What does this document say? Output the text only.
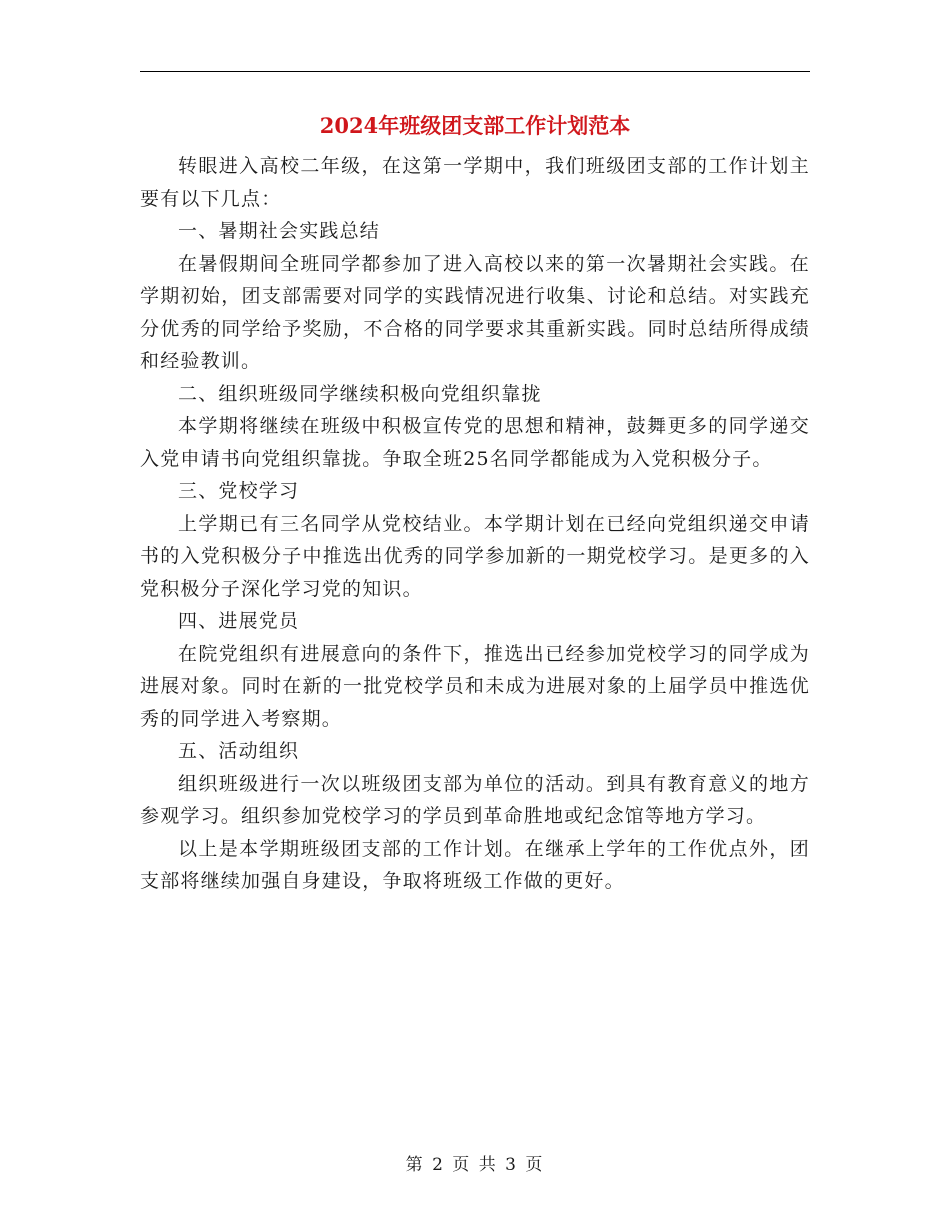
2024年班级团支部工作计划范本

转眼进入高校二年级，在这第一学期中，我们班级团支部的工作计划主要有以下几点：

一、暑期社会实践总结

在暑假期间全班同学都参加了进入高校以来的第一次暑期社会实践。在学期初始，团支部需要对同学的实践情况进行收集、讨论和总结。对实践充分优秀的同学给予奖励，不合格的同学要求其重新实践。同时总结所得成绩和经验教训。

二、组织班级同学继续积极向党组织靠拢

本学期将继续在班级中积极宣传党的思想和精神，鼓舞更多的同学递交入党申请书向党组织靠拢。争取全班25名同学都能成为入党积极分子。

三、党校学习

上学期已有三名同学从党校结业。本学期计划在已经向党组织递交申请书的入党积极分子中推选出优秀的同学参加新的一期党校学习。是更多的入党积极分子深化学习党的知识。

四、进展党员

在院党组织有进展意向的条件下，推选出已经参加党校学习的同学成为进展对象。同时在新的一批党校学员和未成为进展对象的上届学员中推选优秀的同学进入考察期。

五、活动组织

组织班级进行一次以班级团支部为单位的活动。到具有教育意义的地方参观学习。组织参加党校学习的学员到革命胜地或纪念馆等地方学习。

以上是本学期班级团支部的工作计划。在继承上学年的工作优点外，团支部将继续加强自身建设，争取将班级工作做的更好。

第 2 页 共 3 页
